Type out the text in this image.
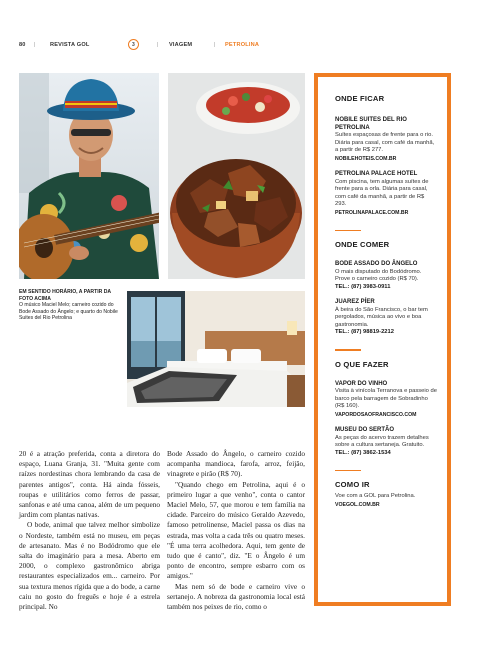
80 |	REVISTA GOL	3	| VIAGEM	| PETROLINA
EM SENTIDO HORÁRIO, A PARTIR DA FOTO ACIMA
O músico Maciel Melo; carneiro cozido do Bode Assado do Ângelo; e quarto do Nobile Suites del Rio Petrolina

20 é a atração preferida, conta a diretora do espaço, Luana Granja, 31. "Muita gente com raízes nordestinas chora lembrando da casa de parentes antigos", conta. Há ainda fósseis, roupas e utilitários como ferros de passar, sanfonas e até uma canoa, além de um pequeno jardim com plantas nativas.

O bode, animal que talvez melhor simbolize o Nordeste, também está no museu, em peças de artesanato. Mas é no Bodódromo que ele salta do imaginário para a mesa. Aberto em 2000, o complexo gastronômico abriga restaurantes especializados em... carneiro. Por sua textura menos rígida que a do bode, a carne caiu no gosto do freguês e hoje é a estrela principal. No

Bode Assado do Ângelo, o carneiro cozido acompanha mandioca, farofa, arroz, feijão, vinagrete e pirão (R$ 70).

"Quando chego em Petrolina, aqui é o primeiro lugar a que venho", conta o cantor Maciel Melo, 57, que morou e tem família na cidade. Parceiro do músico Geraldo Azevedo, famoso petrolinense, Maciel passa os dias na estrada, mas volta a cada três ou quatro meses. "É uma terra acolhedora. Aqui, tem gente de tudo que é canto", diz. "E o Ângelo é um ponto de encontro, sempre esbarro com os amigos."

Mas nem só de bode e carneiro vive o sertanejo. A nobreza da gastronomia local está também nos peixes de rio, como o

ONDE FICAR
NOBILE SUITES DEL RIO PETROLINA

Suítes espaçosas de frente para o rio. Diária para casal, com café da manhã, a partir de R$ 277.

NOBILEHOTEIS.COM.BR
PETROLINA PALACE HOTEL

Com piscina, tem algumas suítes de frente para a orla. Diária para casal, com café da manhã, a partir de R$ 293.

PETROLINAPALACE.COM.BR
ONDE COMER
BODE ASSADO DO ÂNGELO

O mais disputado do Bodódromo. Prove o carneiro cozido (R$ 70).

TEL.: (87) 3983-0911
JUAREZ PÍER

À beira do São Francisco, o bar tem pergolados, música ao vivo e boa gastronomia.

TEL.: (87) 98819-2212
O QUE FAZER
VAPOR DO VINHO

Visita à vinícola Terranova e passeio de barco pela barragem de Sobradinho (R$ 160).

VAPORDOSAOFRANCISCO.COM
MUSEU DO SERTÃO

As peças do acervo trazem detalhes sobre a cultura sertaneja. Gratuito.

TEL.: (87) 3862-1534
COMO IR

Voe com a GOL para Petrolina.

VOEGOL.COM.BR
